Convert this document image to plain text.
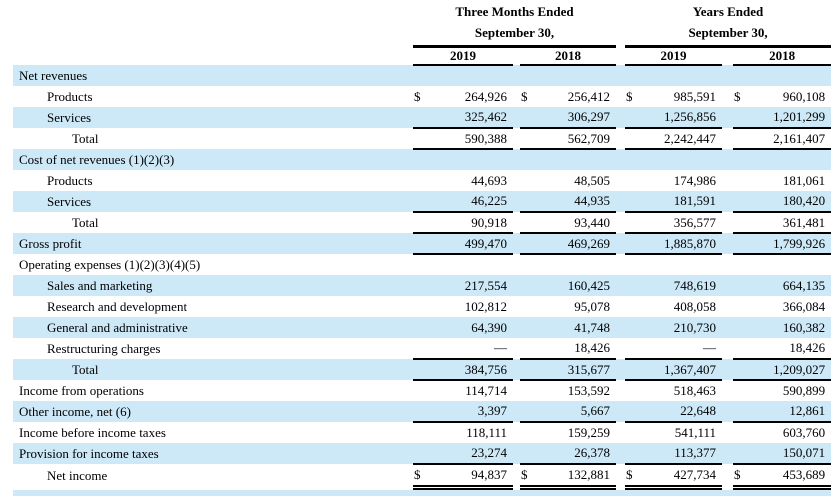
Three Months Ended
September 30,

Years Ended
September 30,

	2019			2018			2019			2018	
Net revenues											
Products	$	264,926		$	256,412		$	985,591		$	960,108
Services		325,462			306,297			1,256,856			1,201,299
Total		590,388			562,709			2,242,447			2,161,407
Cost of net revenues (1)(2)(3)											
Products		44,693			48,505			174,986			181,061
Services		46,225			44,935			181,591			180,420
Total		90,918			93,440			356,577			361,481
Gross profit		499,470			469,269			1,885,870			1,799,926
Operating expenses (1)(2)(3)(4)(5)											
Sales and marketing		217,554			160,425			748,619			664,135
Research and development		102,812			95,078			408,058			366,084
General and administrative		64,390			41,748			210,730			160,382
Restructuring charges		—			18,426			—			18,426
Total		384,756			315,677			1,367,407			1,209,027
Income from operations		114,714			153,592			518,463			590,899
Other income, net (6)		3,397			5,667			22,648			12,861
Income before income taxes		118,111			159,259			541,111			603,760
Provision for income taxes		23,274			26,378			113,377			150,071
Net income	$	94,837		$	132,881		$	427,734		$	453,689
